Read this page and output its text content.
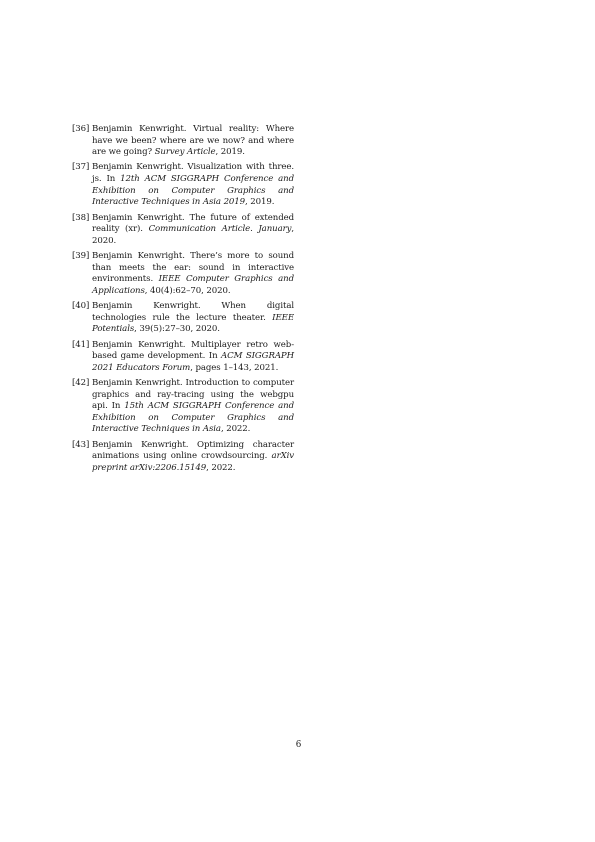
[36] Benjamin Kenwright. Virtual reality: Where have we been? where are we now? and where are we going? Survey Article, 2019.
[37] Benjamin Kenwright. Visualization with three. js. In 12th ACM SIGGRAPH Conference and Exhibition on Computer Graphics and Interactive Techniques in Asia 2019, 2019.
[38] Benjamin Kenwright. The future of extended reality (xr). Communication Article. January, 2020.
[39] Benjamin Kenwright. There’s more to sound than meets the ear: sound in interactive environments. IEEE Computer Graphics and Applications, 40(4):62–70, 2020.
[40] Benjamin Kenwright. When digital technologies rule the lecture theater. IEEE Potentials, 39(5):27–30, 2020.
[41] Benjamin Kenwright. Multiplayer retro web-based game development. In ACM SIGGRAPH 2021 Educators Forum, pages 1–143, 2021.
[42] Benjamin Kenwright. Introduction to computer graphics and ray-tracing using the webgpu api. In 15th ACM SIGGRAPH Conference and Exhibition on Computer Graphics and Interactive Techniques in Asia, 2022.
[43] Benjamin Kenwright. Optimizing character animations using online crowdsourcing. arXiv preprint arXiv:2206.15149, 2022.
6
